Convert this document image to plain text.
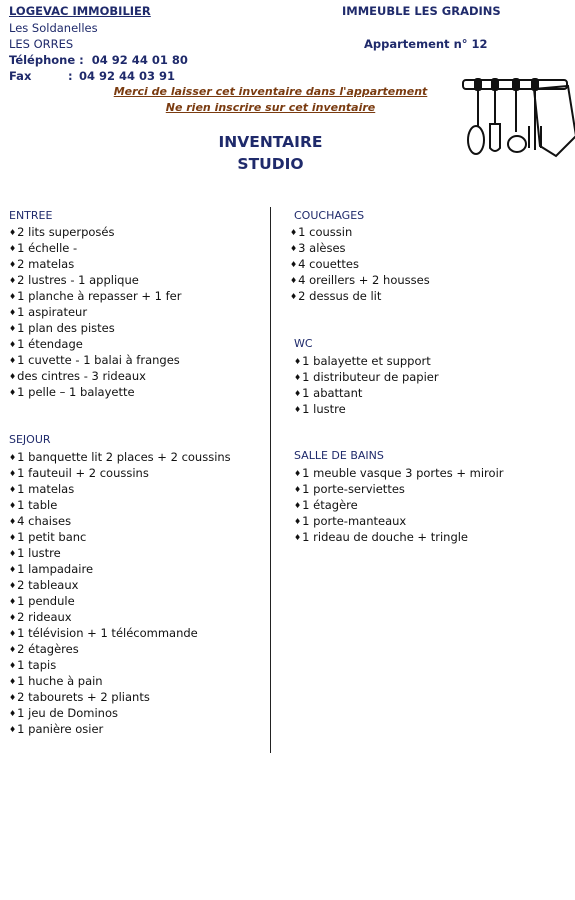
LOGEVAC IMMOBILIER
Les Soldanelles
LES ORRES
Téléphone : 04 92 44 01 80
Fax	: 04 92 44 03 91
IMMEUBLE LES GRADINS
Appartement n° 12
Merci de laisser cet inventaire dans l'appartement
Ne rien inscrire sur cet inventaire
INVENTAIRE
STUDIO
ENTREE
♦ 2 lits superposés
♦ 1 échelle -
♦ 2 matelas
♦ 2 lustres - 1 applique
♦ 1 planche à repasser + 1 fer
♦ 1 aspirateur
♦ 1 plan des pistes
♦ 1 étendage
♦ 1 cuvette - 1 balai à franges
♦ des cintres - 3 rideaux
♦ 1 pelle – 1 balayette
SEJOUR
♦ 1 banquette lit 2 places + 2 coussins
♦ 1 fauteuil + 2 coussins
♦ 1 matelas
♦ 1 table
♦ 4 chaises
♦ 1 petit banc
♦ 1 lustre
♦ 1 lampadaire
♦ 2 tableaux
♦ 1 pendule
♦ 2 rideaux
♦ 1 télévision + 1 télécommande
♦ 2 étagères
♦ 1 tapis
♦ 1 huche à pain
♦ 2 tabourets + 2 pliants
♦ 1 jeu de Dominos
♦ 1 panière osier
COUCHAGES
♦ 1 coussin
♦ 3 alèses
♦ 4 couettes
♦ 4 oreillers + 2 housses
♦ 2 dessus de lit
WC
♦ 1 balayette et support
♦ 1 distributeur de papier
♦ 1 abattant
♦ 1 lustre
SALLE DE BAINS
♦ 1 meuble vasque 3 portes + miroir
♦ 1 porte-serviettes
♦ 1 étagère
♦ 1 porte-manteaux
♦ 1 rideau de douche + tringle
